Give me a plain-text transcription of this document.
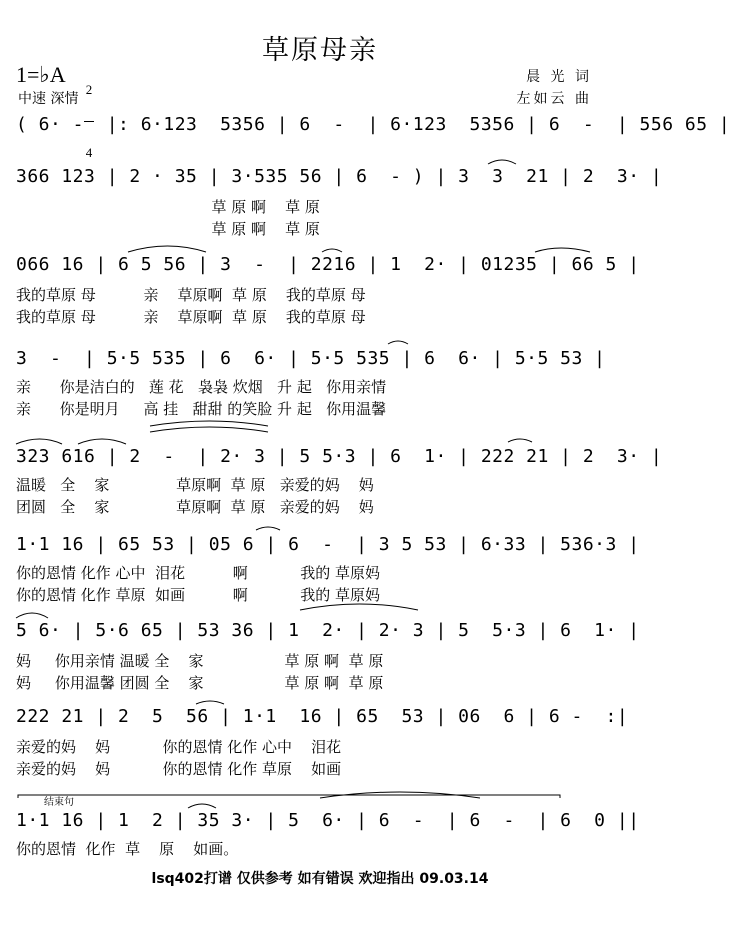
草原母亲
1=♭A

2

4

中速 深情
晨 光 词
左如云 曲
( 6· -  |: 6·123  5356 | 6  -  | 6·123  5356 | 6  -  | 556 65 |
366 123 | 2 · 35 | 3·535 56 | 6  - ) | 3  3  21 | 2  3· |
草 原 啊    草 原
草 原 啊    草 原
066 16 | 6 5 56 | 3  -  | 2216 | 1  2· | 01235 | 66 5 |
我的草原 母          亲    草原啊  草 原    我的草原 母
我的草原 母          亲    草原啊  草 原    我的草原 母
3  -  | 5·5 535 | 6  6· | 5·5 535 | 6  6· | 5·5 53 |
亲      你是洁白的   莲 花   袅袅 炊烟   升 起   你用亲情
亲      你是明月     高 挂   甜甜 的笑脸 升 起   你用温馨
323 616 | 2  -  | 2· 3 | 5 5·3 | 6  1· | 222 21 | 2  3· |
温暖   全    家              草原啊  草 原   亲爱的妈    妈
团圆   全    家              草原啊  草 原   亲爱的妈    妈
1·1 16 | 65 53 | 05 6 | 6  -  | 3 5 53 | 6·33 | 536·3 |
你的恩情 化作 心中  泪花          啊           我的 草原妈
你的恩情 化作 草原  如画          啊           我的 草原妈
5 6· | 5·6 65 | 53 36 | 1  2· | 2· 3 | 5  5·3 | 6  1· |
妈     你用亲情 温暖 全    家                 草 原 啊  草 原
妈     你用温馨 团圆 全    家                 草 原 啊  草 原
222 21 | 2  5  56 | 1·1  16 | 65  53 | 06  6 | 6 -  :|
亲爱的妈    妈           你的恩情 化作 心中    泪花
亲爱的妈    妈           你的恩情 化作 草原    如画
结束句
1·1 16 | 1  2 | 35 3· | 5  6· | 6  -  | 6  -  | 6  0 ||
你的恩情  化作  草    原    如画。
lsq402打谱 仅供参考 如有错误 欢迎指出 09.03.14
